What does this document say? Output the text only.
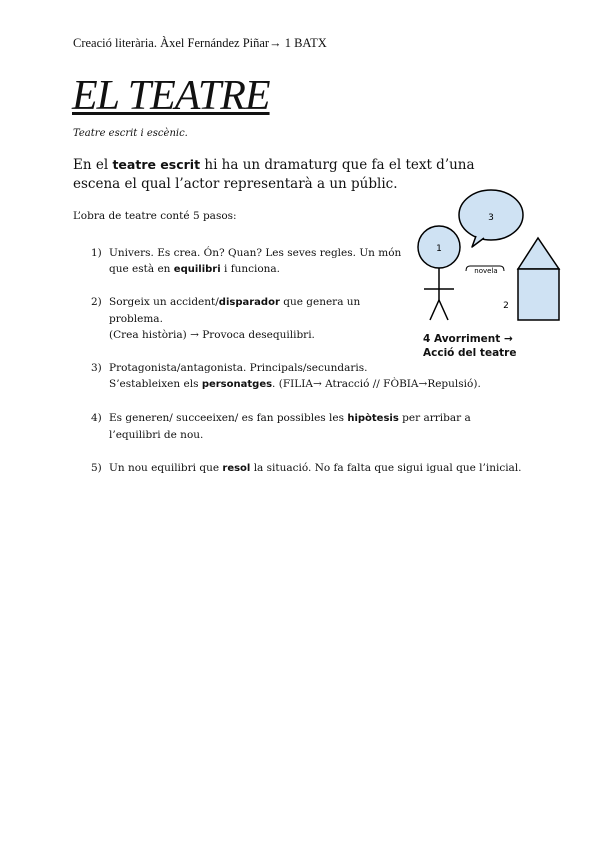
Creació literària. Àxel Fernández Piñar→ 1 BATX
EL TEATRE
Teatre escrit i escènic.
En el teatre escrit hi ha un dramaturg que fa el text d’una escena el qual l’actor representarà a un públic.
L’obra de teatre conté 5 pasos:
1) Univers. Es crea. Ón? Quan? Les seves regles. Un món
que està en equilibri i funciona.
2) Sorgeix un accident/disparador que genera un
problema.
(Crea història) → Provoca desequilibri.
3) Protagonista/antagonista. Principals/secundaris.
S’estableixen els personatges. (FILIA→ Atracció // FÒBIA→Repulsió).
4) Es generen/ succeeixen/ es fan possibles les hipòtesis per arribar a
l’equilibri de nou.
5) Un nou equilibri que resol la situació. No fa falta que sigui igual que l’inicial.
3
1
novela
2
4 Avorriment →
Acció del teatre
